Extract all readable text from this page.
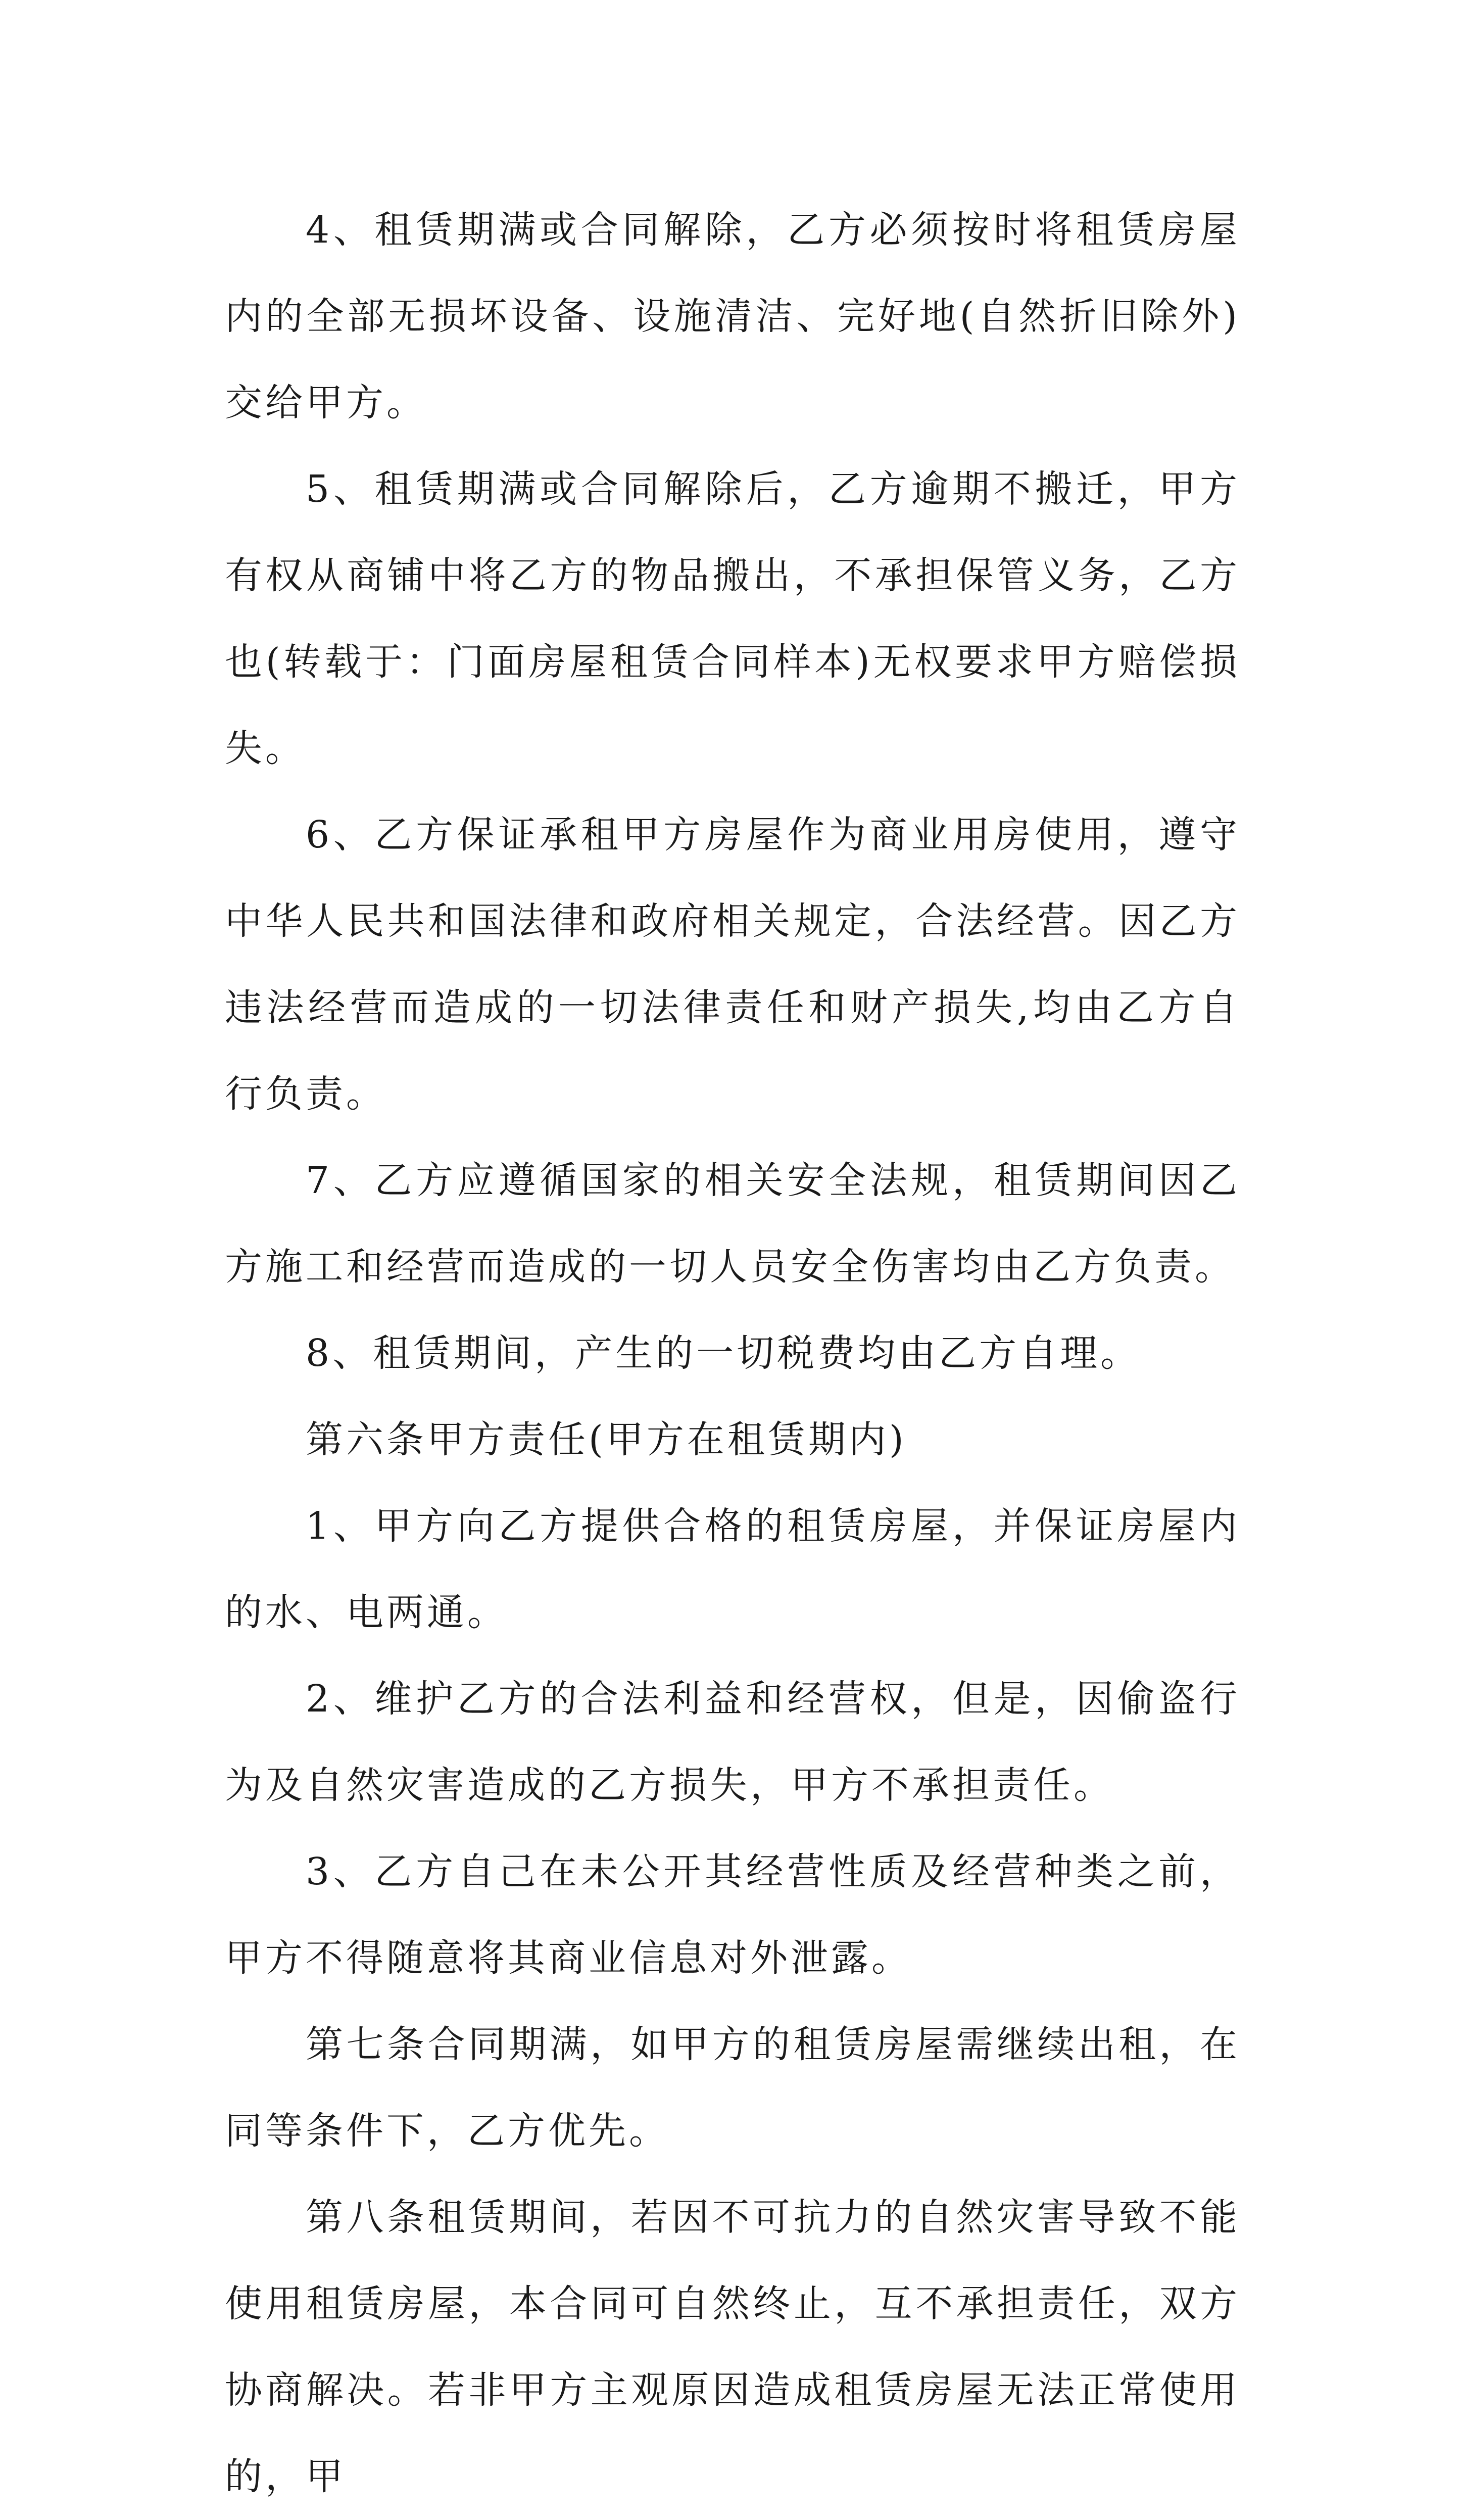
4、租赁期满或合同解除，乙方必须按时将租赁房屋内的全部无损坏设备、设施清洁、完好地(自然折旧除外)交给甲方。

5、租赁期满或合同解除后，乙方逾期不搬迁，甲方有权从商铺中将乙方的物品搬出，不承担保管义务，乙方也(转载于：门面房屋租赁合同样本)无权要求甲方赔偿损失。

6、乙方保证承租甲方房屋作为商业用房使用，遵守中华人民共和国法律和政府相关规定，合法经营。因乙方违法经营而造成的一切法律责任和财产损失,均由乙方自行负责。

7、乙方应遵循国家的相关安全法规，租赁期间因乙方施工和经营而造成的一切人员安全伤害均由乙方负责。

8、租赁期间，产生的一切税费均由乙方自理。

第六条甲方责任(甲方在租赁期内)

1、甲方向乙方提供合格的租赁房屋，并保证房屋内的水、电两通。

2、维护乙方的合法利益和经营权，但是，因偷盗行为及自然灾害造成的乙方损失，甲方不承担责任。

3、乙方自己在未公开其经营性质及经营种类之前，甲方不得随意将其商业信息对外泄露。

第七条合同期满，如甲方的租赁房屋需继续出租，在同等条件下，乙方优先。

第八条租赁期间，若因不可抗力的自然灾害导致不能使用租赁房屋，本合同可自然终止，互不承担责任，双方协商解决。若非甲方主观原因造成租赁房屋无法正常使用的，甲
